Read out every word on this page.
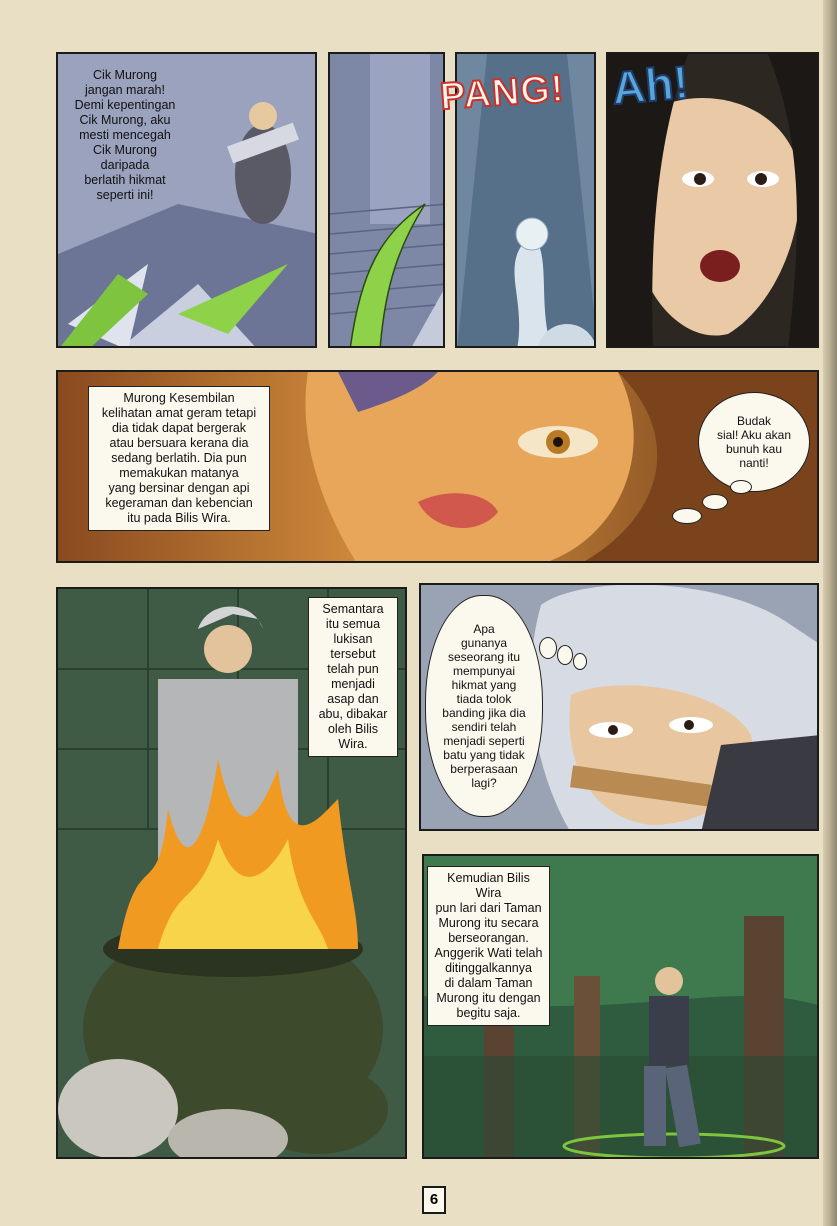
Cik Murong
jangan marah!
Demi kepentingan
Cik Murong, aku
mesti mencegah
Cik Murong
daripada
berlatih hikmat
seperti ini!
PANG! Ah!
Murong Kesembilan
kelihatan amat geram tetapi
dia tidak dapat bergerak
atau bersuara kerana dia
sedang berlatih. Dia pun
memakukan matanya
yang bersinar dengan api
kegeraman dan kebencian
itu pada Bilis Wira.
Budak
sial! Aku akan
bunuh kau
nanti!
Semantara
itu semua
lukisan
tersebut
telah pun
menjadi
asap dan
abu, dibakar
oleh Bilis
Wira.
Apa
gunanya
seseorang itu
mempunyai
hikmat yang
tiada tolok
banding jika dia
sendiri telah
menjadi seperti
batu yang tidak
berperasaan
lagi?
Kemudian Bilis Wira
pun lari dari Taman
Murong itu secara
berseorangan.
Anggerik Wati telah
ditinggalkannya
di dalam Taman
Murong itu dengan
begitu saja.
6
